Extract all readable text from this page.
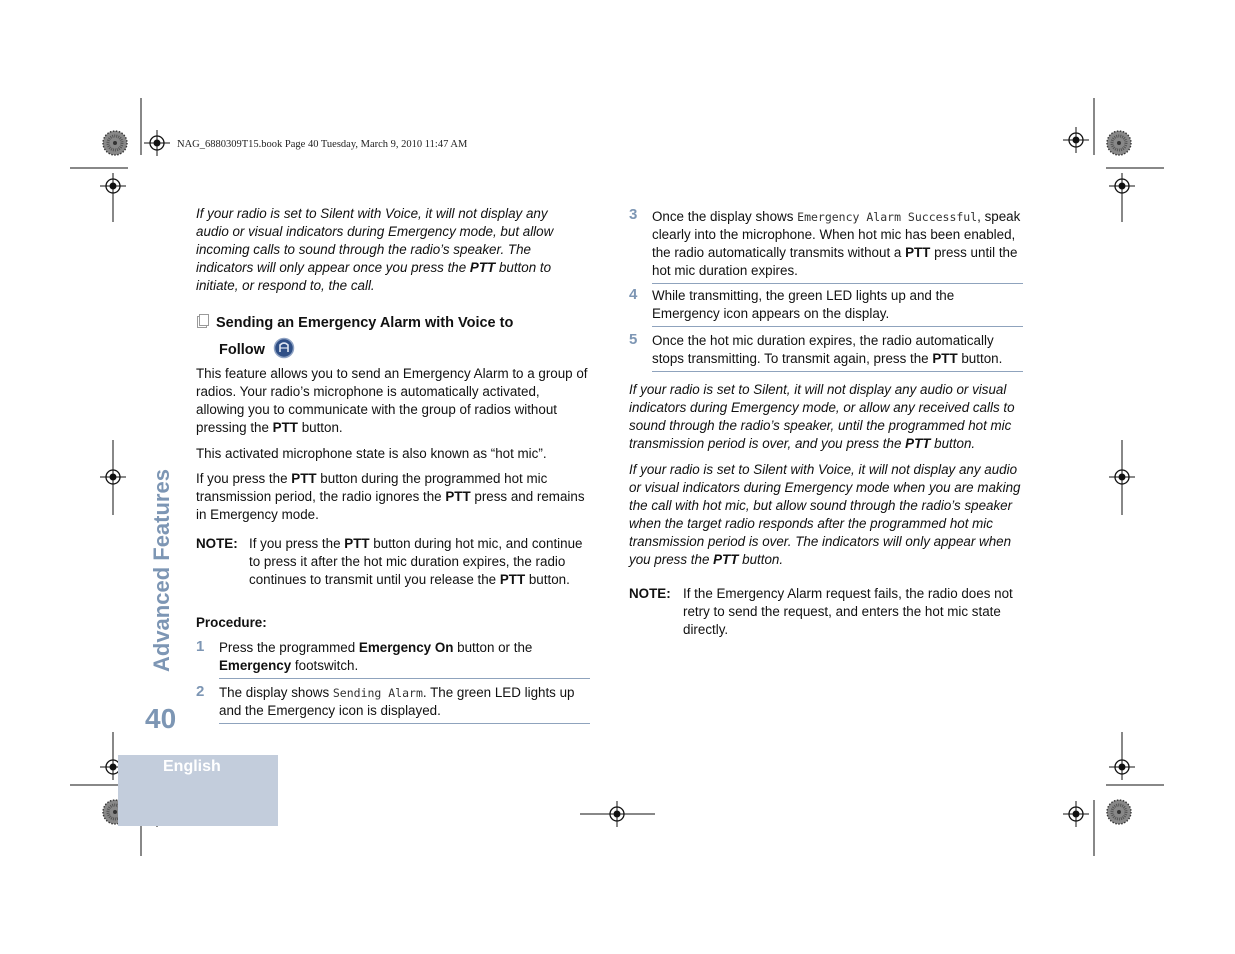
NAG_6880309T15.book Page 40 Tuesday, March 9, 2010 11:47 AM
Advanced Features
40
English

If your radio is set to Silent with Voice, it will not display any audio or visual indicators during Emergency mode, but allow incoming calls to sound through the radio’s speaker. The indicators will only appear once you press the PTT button to initiate, or respond to, the call.

Sending an Emergency Alarm with Voice to
Follow

This feature allows you to send an Emergency Alarm to a group of radios. Your radio’s microphone is automatically activated, allowing you to communicate with the group of radios without pressing the PTT button.

This activated microphone state is also known as “hot mic”.

If you press the PTT button during the programmed hot mic transmission period, the radio ignores the PTT press and remains in Emergency mode.

NOTE: If you press the PTT button during hot mic, and continue to press it after the hot mic duration expires, the radio continues to transmit until you release the PTT button.

Procedure:
1 Press the programmed Emergency On button or the Emergency footswitch.

2 The display shows Sending Alarm. The green LED lights up and the Emergency icon is displayed.

3 Once the display shows Emergency Alarm Successful, speak clearly into the microphone. When hot mic has been enabled, the radio automatically transmits without a PTT press until the hot mic duration expires.

4 While transmitting, the green LED lights up and the Emergency icon appears on the display.

5 Once the hot mic duration expires, the radio automatically stops transmitting. To transmit again, press the PTT button.

If your radio is set to Silent, it will not display any audio or visual indicators during Emergency mode, or allow any received calls to sound through the radio’s speaker, until the programmed hot mic transmission period is over, and you press the PTT button.

If your radio is set to Silent with Voice, it will not display any audio or visual indicators during Emergency mode when you are making the call with hot mic, but allow sound through the radio’s speaker when the target radio responds after the programmed hot mic transmission period is over. The indicators will only appear when you press the PTT button.

NOTE: If the Emergency Alarm request fails, the radio does not retry to send the request, and enters the hot mic state directly.
